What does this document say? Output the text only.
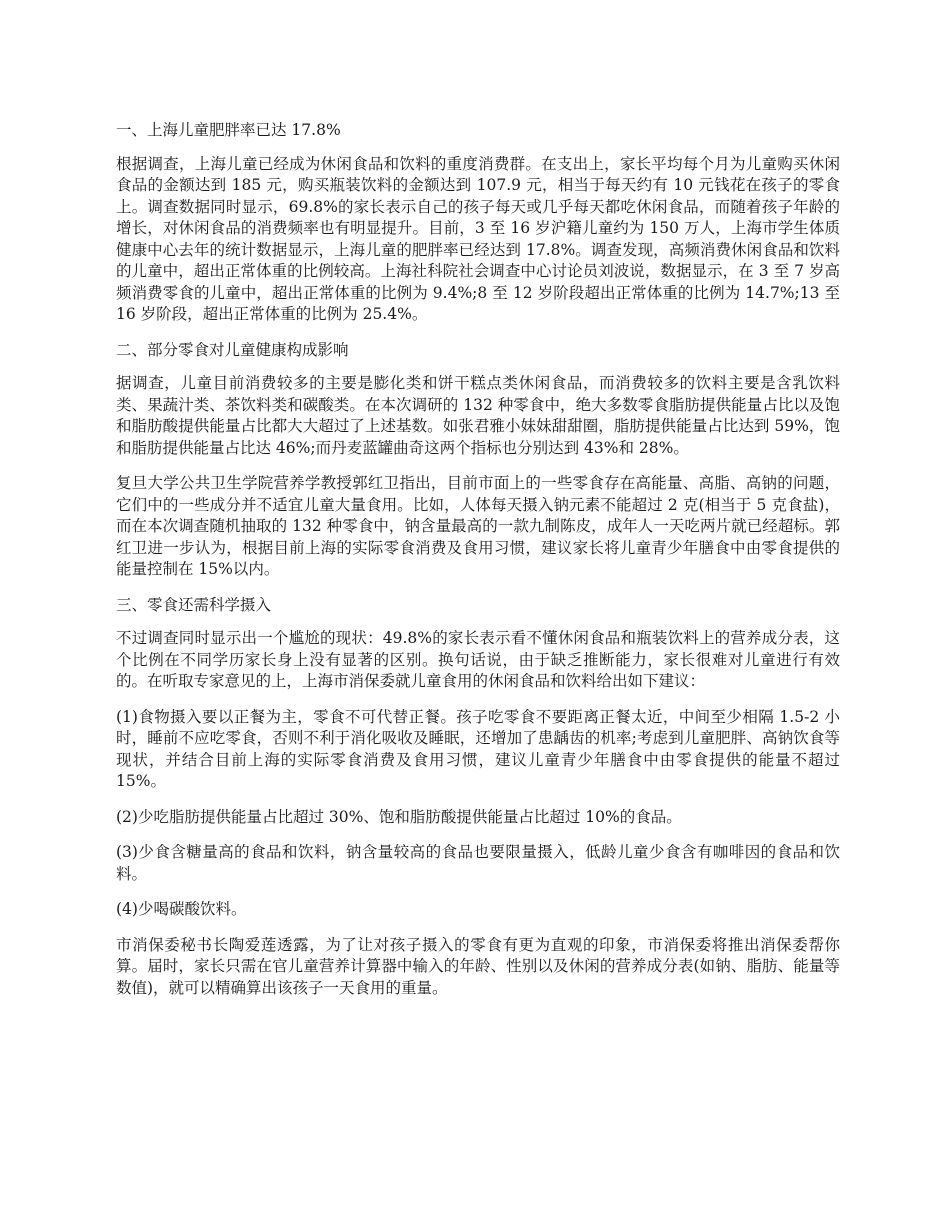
一、上海儿童肥胖率已达 17.8%

根据调查，上海儿童已经成为休闲食品和饮料的重度消费群。在支出上，家长平均每个月为儿童购买休闲食品的金额达到 185 元，购买瓶装饮料的金额达到 107.9 元，相当于每天约有 10 元钱花在孩子的零食上。调查数据同时显示，69.8%的家长表示自己的孩子每天或几乎每天都吃休闲食品，而随着孩子年龄的增长，对休闲食品的消费频率也有明显提升。目前，3 至 16 岁沪籍儿童约为 150 万人，上海市学生体质健康中心去年的统计数据显示，上海儿童的肥胖率已经达到 17.8%。调查发现，高频消费休闲食品和饮料的儿童中，超出正常体重的比例较高。上海社科院社会调查中心讨论员刘波说，数据显示，在 3 至 7 岁高频消费零食的儿童中，超出正常体重的比例为 9.4%;8 至 12 岁阶段超出正常体重的比例为 14.7%;13 至 16 岁阶段，超出正常体重的比例为 25.4%。

二、部分零食对儿童健康构成影响

据调查，儿童目前消费较多的主要是膨化类和饼干糕点类休闲食品，而消费较多的饮料主要是含乳饮料类、果蔬汁类、茶饮料类和碳酸类。在本次调研的 132 种零食中，绝大多数零食脂肪提供能量占比以及饱和脂肪酸提供能量占比都大大超过了上述基数。如张君雅小妹妹甜甜圈，脂肪提供能量占比达到 59%，饱和脂肪提供能量占比达 46%;而丹麦蓝罐曲奇这两个指标也分别达到 43%和 28%。

复旦大学公共卫生学院营养学教授郭红卫指出，目前市面上的一些零食存在高能量、高脂、高钠的问题，它们中的一些成分并不适宜儿童大量食用。比如，人体每天摄入钠元素不能超过 2 克(相当于 5 克食盐)，而在本次调查随机抽取的 132 种零食中，钠含量最高的一款九制陈皮，成年人一天吃两片就已经超标。郭红卫进一步认为，根据目前上海的实际零食消费及食用习惯，建议家长将儿童青少年膳食中由零食提供的能量控制在 15%以内。

三、零食还需科学摄入

不过调查同时显示出一个尴尬的现状：49.8%的家长表示看不懂休闲食品和瓶装饮料上的营养成分表，这个比例在不同学历家长身上没有显著的区别。换句话说，由于缺乏推断能力，家长很难对儿童进行有效的。在听取专家意见的上，上海市消保委就儿童食用的休闲食品和饮料给出如下建议：

(1)食物摄入要以正餐为主，零食不可代替正餐。孩子吃零食不要距离正餐太近，中间至少相隔 1.5-2 小时，睡前不应吃零食，否则不利于消化吸收及睡眠，还增加了患龋齿的机率;考虑到儿童肥胖、高钠饮食等现状，并结合目前上海的实际零食消费及食用习惯，建议儿童青少年膳食中由零食提供的能量不超过 15%。

(2)少吃脂肪提供能量占比超过 30%、饱和脂肪酸提供能量占比超过 10%的食品。

(3)少食含糖量高的食品和饮料，钠含量较高的食品也要限量摄入，低龄儿童少食含有咖啡因的食品和饮料。

(4)少喝碳酸饮料。

市消保委秘书长陶爱莲透露，为了让对孩子摄入的零食有更为直观的印象，市消保委将推出消保委帮你算。届时，家长只需在官儿童营养计算器中输入的年龄、性别以及休闲的营养成分表(如钠、脂肪、能量等数值)，就可以精确算出该孩子一天食用的重量。
